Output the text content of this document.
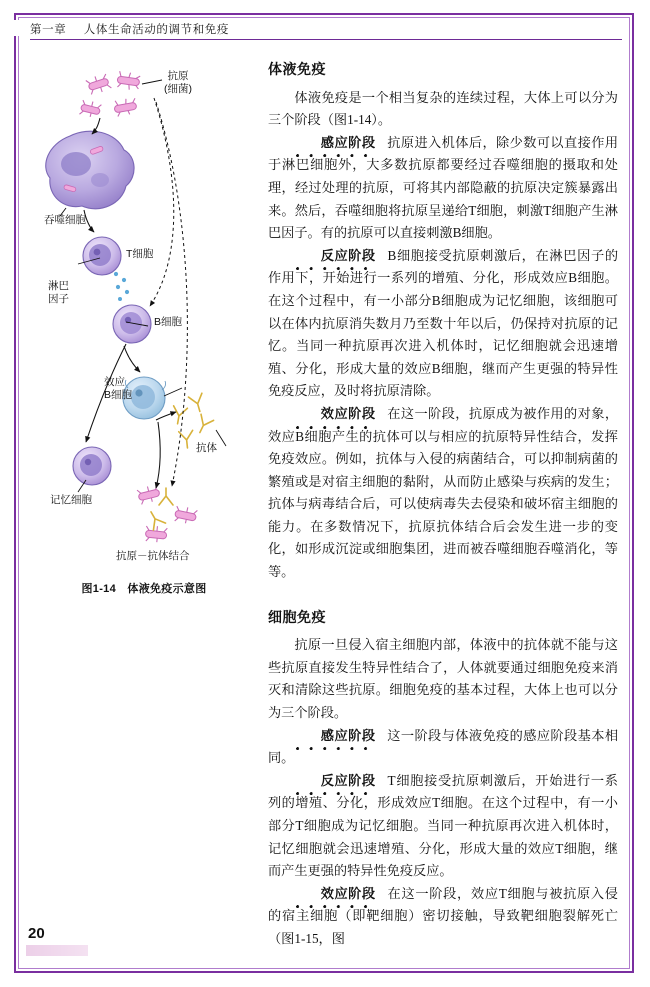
第一章 人体生命活动的调节和免疫
抗原
(细菌)
吞噬细胞
T细胞
淋巴
因子
B细胞
效应
B细胞
抗体
记忆细胞
抗原－抗体结合
图1-14 体液免疫示意图
体液免疫

体液免疫是一个相当复杂的连续过程，大体上可以分为三个阶段（图1-14）。

感应阶段 抗原进入机体后，除少数可以直接作用于淋巴细胞外，大多数抗原都要经过吞噬细胞的摄取和处理，经过处理的抗原，可将其内部隐蔽的抗原决定簇暴露出来。然后，吞噬细胞将抗原呈递给T细胞，刺激T细胞产生淋巴因子。有的抗原可以直接刺激B细胞。

反应阶段 B细胞接受抗原刺激后，在淋巴因子的作用下，开始进行一系列的增殖、分化，形成效应B细胞。在这个过程中，有一小部分B细胞成为记忆细胞，该细胞可以在体内抗原消失数月乃至数十年以后，仍保持对抗原的记忆。当同一种抗原再次进入机体时，记忆细胞就会迅速增殖、分化，形成大量的效应B细胞，继而产生更强的特异性免疫反应，及时将抗原清除。

效应阶段 在这一阶段，抗原成为被作用的对象，效应B细胞产生的抗体可以与相应的抗原特异性结合，发挥免疫效应。例如，抗体与入侵的病菌结合，可以抑制病菌的繁殖或是对宿主细胞的黏附，从而防止感染与疾病的发生；抗体与病毒结合后，可以使病毒失去侵染和破坏宿主细胞的能力。在多数情况下，抗原抗体结合后会发生进一步的变化，如形成沉淀或细胞集团，进而被吞噬细胞吞噬消化，等等。

细胞免疫

抗原一旦侵入宿主细胞内部，体液中的抗体就不能与这些抗原直接发生特异性结合了，人体就要通过细胞免疫来消灭和清除这些抗原。细胞免疫的基本过程，大体上也可以分为三个阶段。

感应阶段 这一阶段与体液免疫的感应阶段基本相同。

反应阶段 T细胞接受抗原刺激后，开始进行一系列的增殖、分化，形成效应T细胞。在这个过程中，有一小部分T细胞成为记忆细胞。当同一种抗原再次进入机体时，记忆细胞就会迅速增殖、分化，形成大量的效应T细胞，继而产生更强的特异性免疫反应。

效应阶段 在这一阶段，效应T细胞与被抗原入侵的宿主细胞（即靶细胞）密切接触，导致靶细胞裂解死亡（图1-15，图

20
